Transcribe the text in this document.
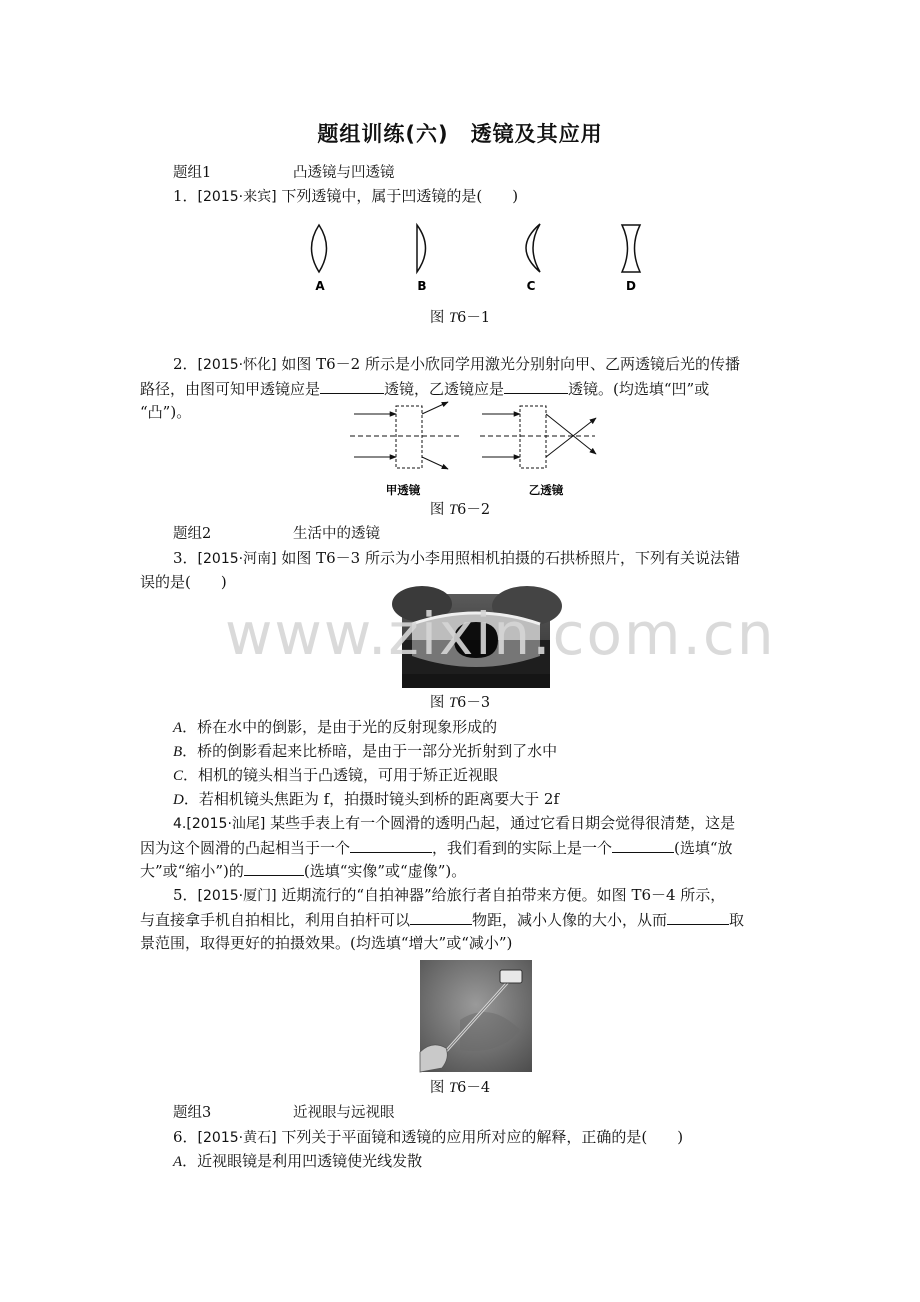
题组训练(六)　透镜及其应用
题组1	凸透镜与凹透镜
1．[2015·来宾] 下列透镜中，属于凹透镜的是(　　)
A	B	C	D
图 T6－1
2．[2015·怀化] 如图 T6－2 所示是小欣同学用激光分别射向甲、乙两透镜后光的传播
路径，由图可知甲透镜应是	透镜，乙透镜应是	透镜。(均选填“凹”或
“凸”)。
甲透镜	乙透镜
图 T6－2
题组2	生活中的透镜
3．[2015·河南] 如图 T6－3 所示为小李用照相机拍摄的石拱桥照片，下列有关说法错
误的是(　　)
图 T6－3
A．桥在水中的倒影，是由于光的反射现象形成的
B．桥的倒影看起来比桥暗，是由于一部分光折射到了水中
C．相机的镜头相当于凸透镜，可用于矫正近视眼
D．若相机镜头焦距为 f，拍摄时镜头到桥的距离要大于 2f
4.[2015·汕尾] 某些手表上有一个圆滑的透明凸起，通过它看日期会觉得很清楚，这是
因为这个圆滑的凸起相当于一个	，我们看到的实际上是一个	(选填“放
大”或“缩小”)的	(选填“实像”或“虚像”)。
5．[2015·厦门] 近期流行的“自拍神器”给旅行者自拍带来方便。如图 T6－4 所示，
与直接拿手机自拍相比，利用自拍杆可以	物距，减小人像的大小，从而	取
景范围，取得更好的拍摄效果。(均选填“增大”或“减小”)
图 T6－4
题组3	近视眼与远视眼
6．[2015·黄石] 下列关于平面镜和透镜的应用所对应的解释，正确的是(　　)
A．近视眼镜是利用凹透镜使光线发散
www.zixin.com.cn
